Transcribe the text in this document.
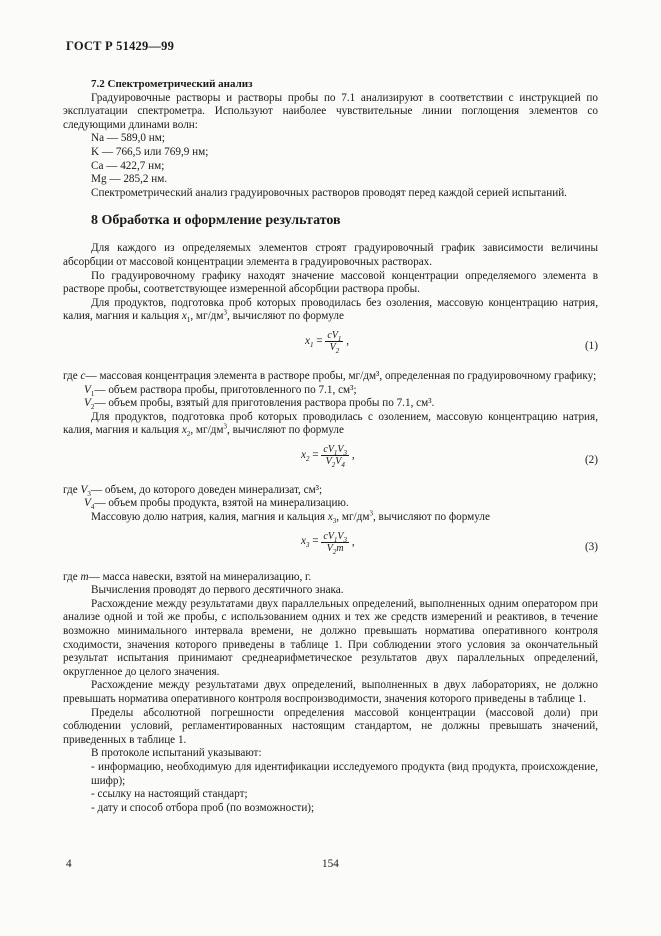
ГОСТ Р 51429—99
7.2 Спектрометрический анализ

Градуировочные растворы и растворы пробы по 7.1 анализируют в соответствии с инструкцией по эксплуатации спектрометра. Используют наиболее чувствительные линии поглощения элементов со следующими длинами волн:

Na — 589,0 нм;
K — 766,5 или 769,9 нм;
Ca — 422,7 нм;
Mg — 285,2 нм.

Спектрометрический анализ градуировочных растворов проводят перед каждой серией испытаний.

8 Обработка и оформление результатов

Для каждого из определяемых элементов строят градуировочный график зависимости величины абсорбции от массовой концентрации элемента в градуировочных растворах.

По градуировочному графику находят значение массовой концентрации определяемого элемента в растворе пробы, соответствующее измеренной абсорбции раствора пробы.

Для продуктов, подготовка проб которых проводилась без озоления, массовую концентрацию натрия, калия, магния и кальция $x_1$, $мг/дм^3$, вычисляют по формуле

$x_1 = \frac{cV_1}{V_2}$ ,	(1)
где c — массовая концентрация элемента в растворе пробы, мг/дм³, определенная по градуировочному графику;
$V_1$ — объем раствора пробы, приготовленного по 7.1, см³;
$V_2$ — объем пробы, взятый для приготовления раствора пробы по 7.1, см³.

Для продуктов, подготовка проб которых проводилась с озолением, массовую концентрацию натрия, калия, магния и кальция $x_2$, $мг/дм^3$, вычисляют по формуле

$x_2 = \frac{cV_1V_3}{V_2V_4}$ ,	(2)
где $V_3$ — объем, до которого доведен минерализат, см³;
$V_4$ — объем пробы продукта, взятой на минерализацию.

Массовую долю натрия, калия, магния и кальция $x_3$, $мг/дм^3$, вычисляют по формуле

$x_3 = \frac{cV_1V_3}{V_2m}$ ,	(3)
где m — масса навески, взятой на минерализацию, г.

Вычисления проводят до первого десятичного знака.

Расхождение между результатами двух параллельных определений, выполненных одним оператором при анализе одной и той же пробы, с использованием одних и тех же средств измерений и реактивов, в течение возможно минимального интервала времени, не должно превышать норматива оперативного контроля сходимости, значения которого приведены в таблице 1. При соблюдении этого условия за окончательный результат испытания принимают среднеарифметическое результатов двух параллельных определений, округленное до целого значения.

Расхождение между результатами двух определений, выполненных в двух лабораториях, не должно превышать норматива оперативного контроля воспроизводимости, значения которого приведены в таблице 1.

Пределы абсолютной погрешности определения массовой концентрации (массовой доли) при соблюдении условий, регламентированных настоящим стандартом, не должны превышать значений, приведенных в таблице 1.

В протоколе испытаний указывают:

- информацию, необходимую для идентификации исследуемого продукта (вид продукта, происхождение, шифр);

- ссылку на настоящий стандарт;

- дату и способ отбора проб (по возможности);

4	154
